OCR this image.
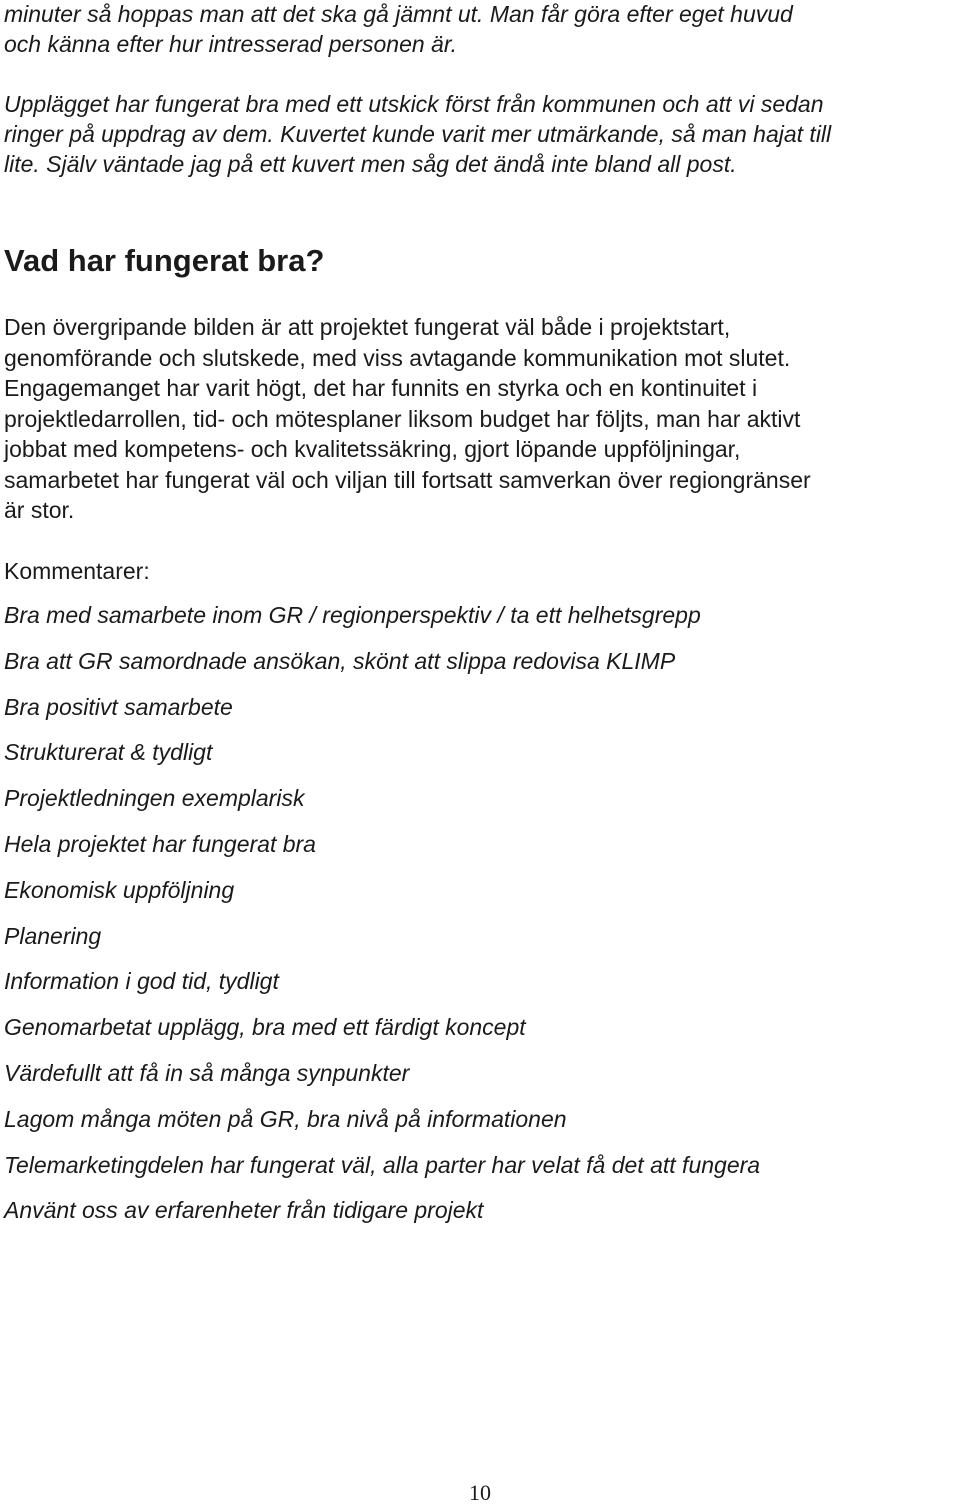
minuter så hoppas man att det ska gå jämnt ut. Man får göra efter eget huvud
och känna efter hur intresserad personen är.

Upplägget har fungerat bra med ett utskick först från kommunen och att vi sedan
ringer på uppdrag av dem. Kuvertet kunde varit mer utmärkande, så man hajat till
lite. Själv väntade jag på ett kuvert men såg det ändå inte bland all post.

Vad har fungerat bra?

Den övergripande bilden är att projektet fungerat väl både i projektstart,
genomförande och slutskede, med viss avtagande kommunikation mot slutet.
Engagemanget har varit högt, det har funnits en styrka och en kontinuitet i
projektledarrollen, tid- och mötesplaner liksom budget har följts, man har aktivt
jobbat med kompetens- och kvalitetssäkring, gjort löpande uppföljningar,
samarbetet har fungerat väl och viljan till fortsatt samverkan över regiongränser
är stor.

Kommentarer:

Bra med samarbete inom GR / regionperspektiv / ta ett helhetsgrepp
Bra att GR samordnade ansökan, skönt att slippa redovisa KLIMP
Bra positivt samarbete
Strukturerat & tydligt
Projektledningen exemplarisk
Hela projektet har fungerat bra
Ekonomisk uppföljning
Planering
Information i god tid, tydligt
Genomarbetat upplägg, bra med ett färdigt koncept
Värdefullt att få in så många synpunkter
Lagom många möten på GR, bra nivå på informationen
Telemarketingdelen har fungerat väl, alla parter har velat få det att fungera
Använt oss av erfarenheter från tidigare projekt
10
